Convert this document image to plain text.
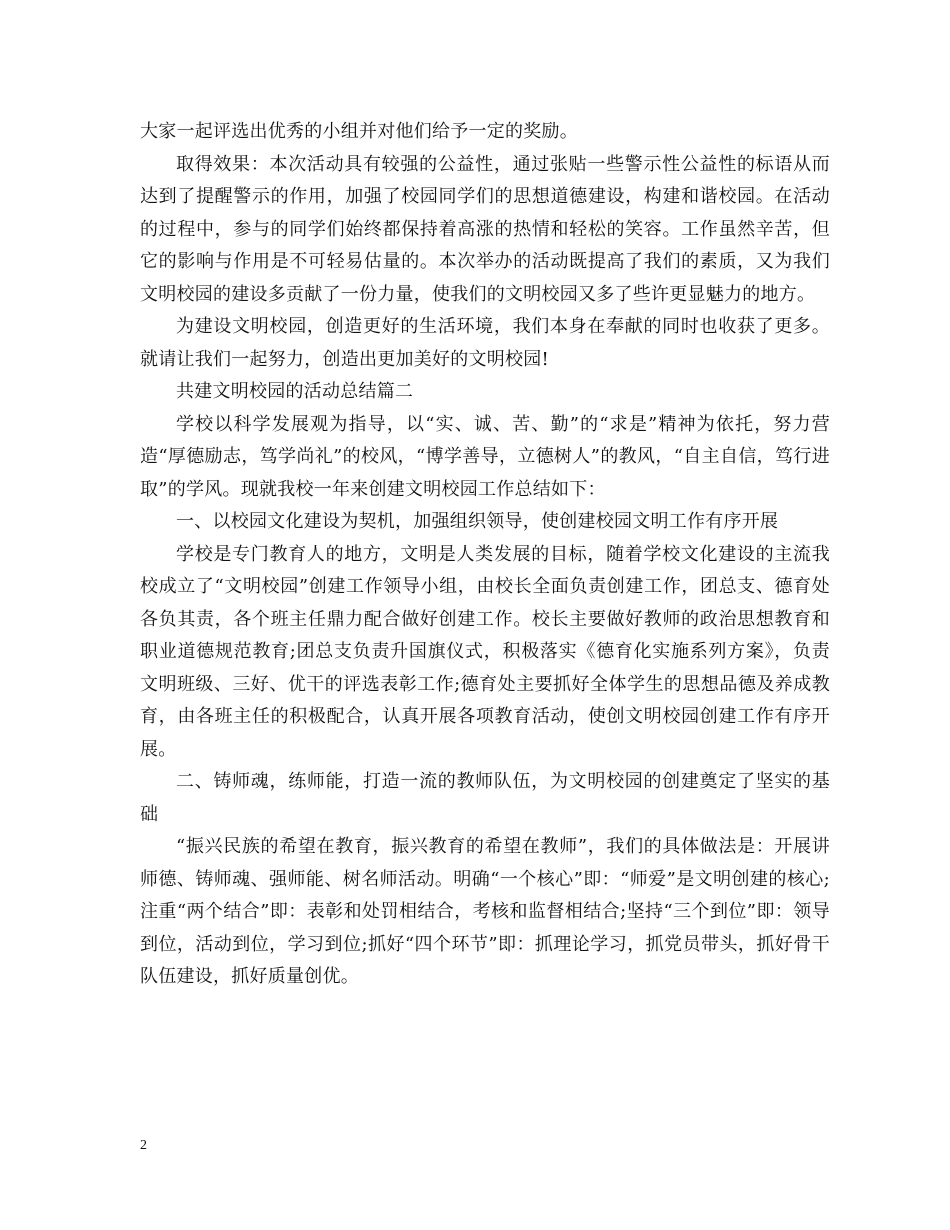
大家一起评选出优秀的小组并对他们给予一定的奖励。

取得效果：本次活动具有较强的公益性，通过张贴一些警示性公益性的标语从而达到了提醒警示的作用，加强了校园同学们的思想道德建设，构建和谐校园。在活动的过程中，参与的同学们始终都保持着高涨的热情和轻松的笑容。工作虽然辛苦，但它的影响与作用是不可轻易估量的。本次举办的活动既提高了我们的素质，又为我们文明校园的建设多贡献了一份力量，使我们的文明校园又多了些许更显魅力的地方。

为建设文明校园，创造更好的生活环境，我们本身在奉献的同时也收获了更多。就请让我们一起努力，创造出更加美好的文明校园!

共建文明校园的活动总结篇二

学校以科学发展观为指导，以“实、诚、苦、勤”的“求是”精神为依托，努力营造“厚德励志，笃学尚礼”的校风，“博学善导，立德树人”的教风，“自主自信，笃行进取”的学风。现就我校一年来创建文明校园工作总结如下：

一、以校园文化建设为契机，加强组织领导，使创建校园文明工作有序开展

学校是专门教育人的地方，文明是人类发展的目标，随着学校文化建设的主流我校成立了“文明校园”创建工作领导小组，由校长全面负责创建工作，团总支、德育处各负其责，各个班主任鼎力配合做好创建工作。校长主要做好教师的政治思想教育和职业道德规范教育;团总支负责升国旗仪式，积极落实《德育化实施系列方案》，负责文明班级、三好、优干的评选表彰工作;德育处主要抓好全体学生的思想品德及养成教育，由各班主任的积极配合，认真开展各项教育活动，使创文明校园创建工作有序开展。

二、铸师魂，练师能，打造一流的教师队伍，为文明校园的创建奠定了坚实的基础

“振兴民族的希望在教育，振兴教育的希望在教师”，我们的具体做法是：开展讲师德、铸师魂、强师能、树名师活动。明确“一个核心”即：“师爱”是文明创建的核心;注重“两个结合”即：表彰和处罚相结合，考核和监督相结合;坚持“三个到位”即：领导到位，活动到位，学习到位;抓好“四个环节”即：抓理论学习，抓党员带头，抓好骨干队伍建设，抓好质量创优。

2
